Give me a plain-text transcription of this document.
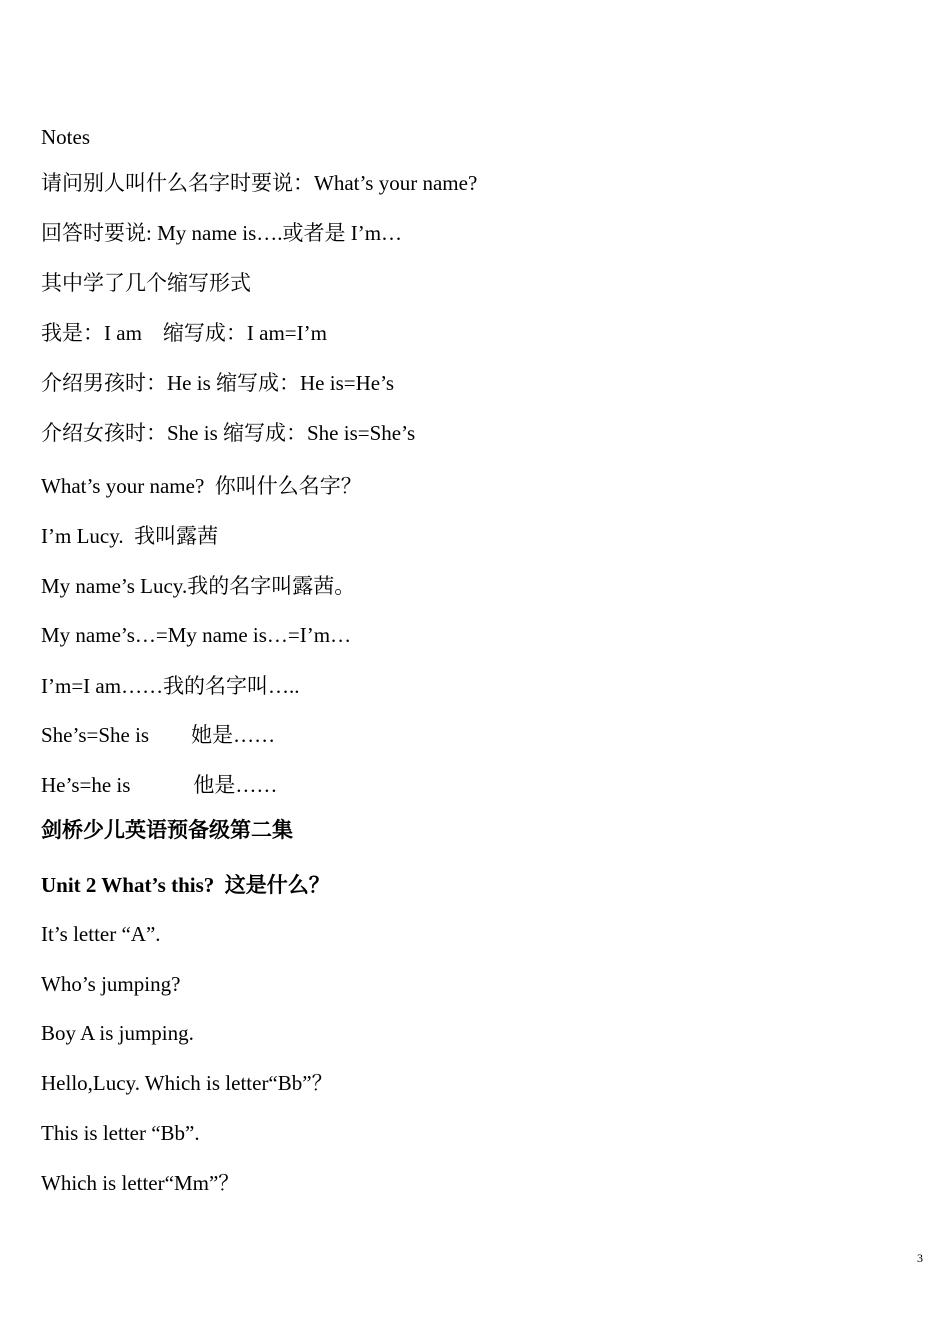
Notes
请问别人叫什么名字时要说：What’s your name?
回答时要说: My name is….或者是 I’m…
其中学了几个缩写形式
我是：I am    缩写成：I am=I’m
介绍男孩时：He is 缩写成：He is=He’s
介绍女孩时：She is 缩写成：She is=She’s
What’s your name?  你叫什么名字？
I’m Lucy.  我叫露茜
My name’s Lucy.我的名字叫露茜。
My name’s…=My name is…=I’m…
I’m=I am……我的名字叫…..
She’s=She is        她是……
He’s=he is            他是……
剑桥少儿英语预备级第二集
Unit 2 What’s this?  这是什么？
It’s letter “A”.
Who’s jumping?
Boy A is jumping.
Hello,Lucy. Which is letter“Bb”？
This is letter “Bb”.
Which is letter“Mm”？
3
